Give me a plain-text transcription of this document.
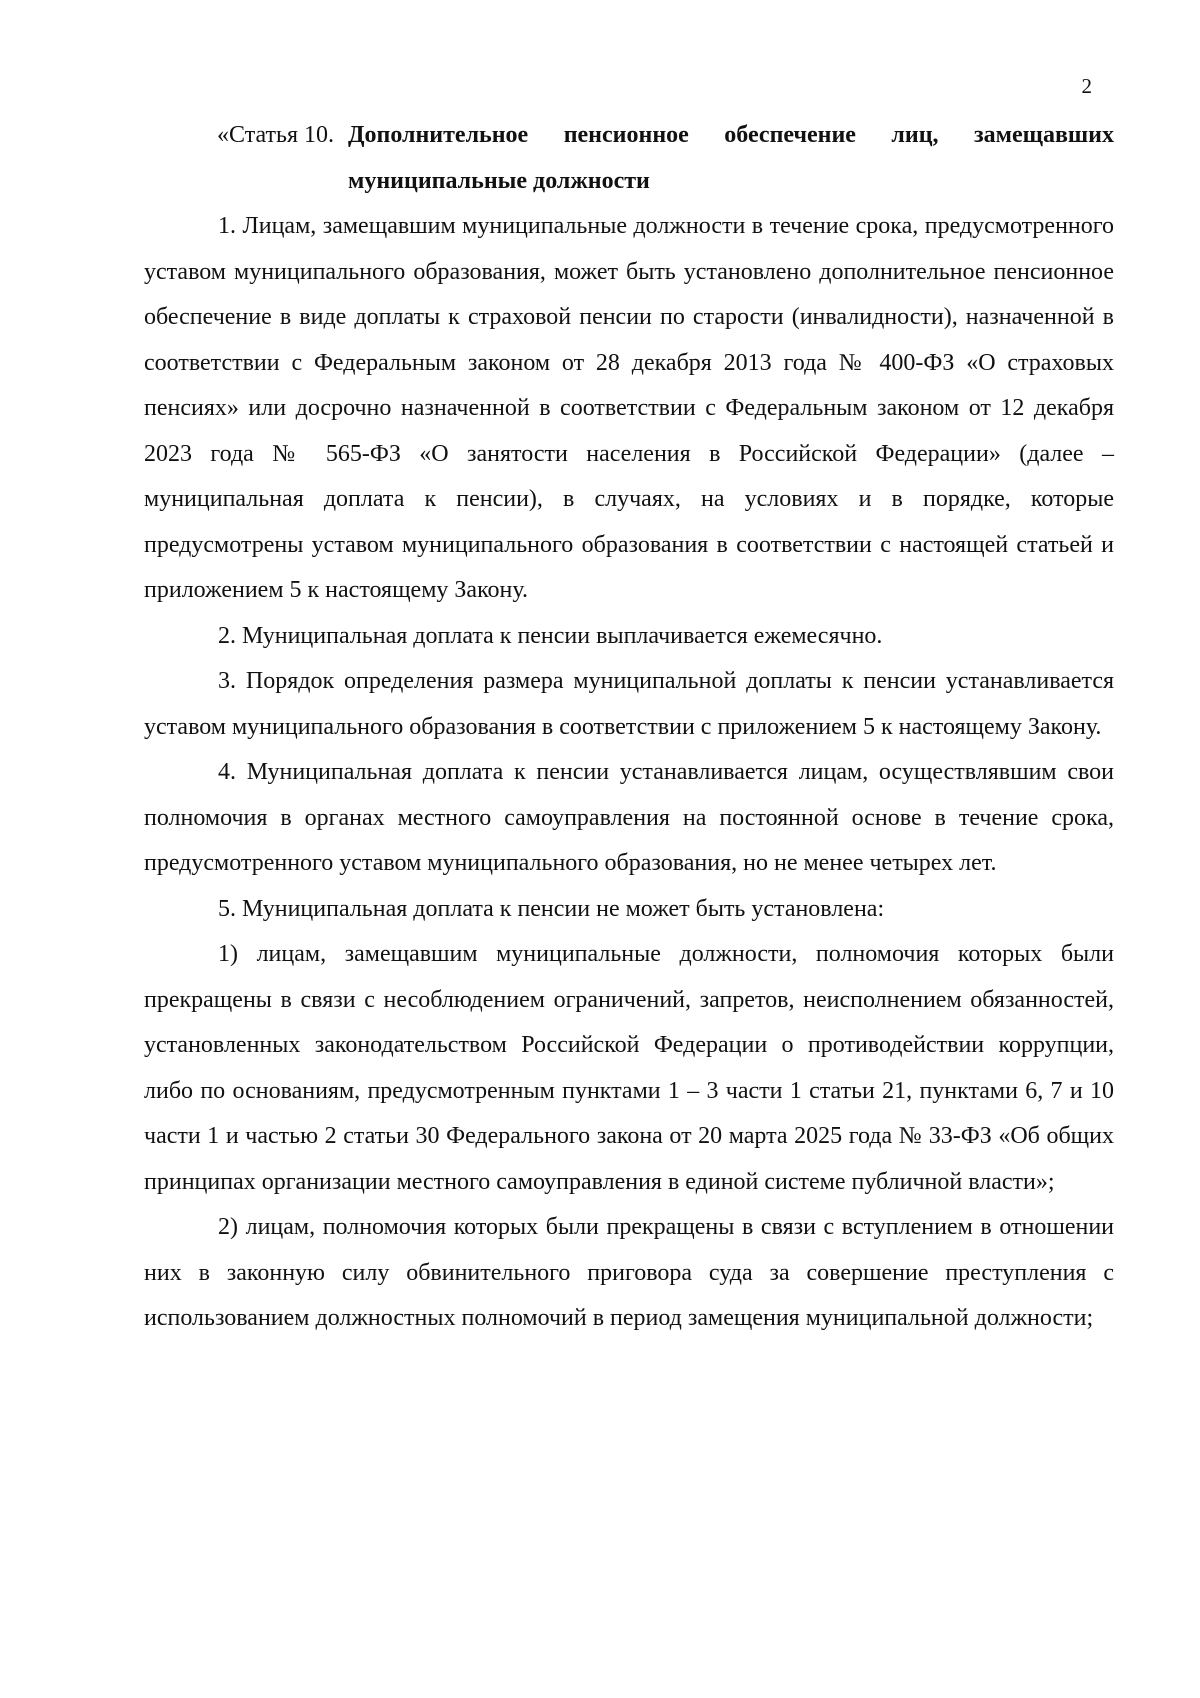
2
«Статья 10. Дополнительное пенсионное обеспечение лиц, замещавших муниципальные должности

1. Лицам, замещавшим муниципальные должности в течение срока, предусмотренного уставом муниципального образования, может быть установлено дополнительное пенсионное обеспечение в виде доплаты к страховой пенсии по старости (инвалидности), назначенной в соответствии с Федеральным законом от 28 декабря 2013 года № 400-ФЗ «О страховых пенсиях» или досрочно назначенной в соответствии с Федеральным законом от 12 декабря 2023 года № 565-ФЗ «О занятости населения в Российской Федерации» (далее – муниципальная доплата к пенсии), в случаях, на условиях и в порядке, которые предусмотрены уставом муниципального образования в соответствии с настоящей статьей и приложением 5 к настоящему Закону.

2. Муниципальная доплата к пенсии выплачивается ежемесячно.

3. Порядок определения размера муниципальной доплаты к пенсии устанавливается уставом муниципального образования в соответствии с приложением 5 к настоящему Закону.

4. Муниципальная доплата к пенсии устанавливается лицам, осуществлявшим свои полномочия в органах местного самоуправления на постоянной основе в течение срока, предусмотренного уставом муниципального образования, но не менее четырех лет.

5. Муниципальная доплата к пенсии не может быть установлена:

1) лицам, замещавшим муниципальные должности, полномочия которых были прекращены в связи с несоблюдением ограничений, запретов, неисполнением обязанностей, установленных законодательством Российской Федерации о противодействии коррупции, либо по основаниям, предусмотренным пунктами 1 – 3 части 1 статьи 21, пунктами 6, 7 и 10 части 1 и частью 2 статьи 30 Федерального закона от 20 марта 2025 года № 33-ФЗ «Об общих принципах организации местного самоуправления в единой системе публичной власти»;

2) лицам, полномочия которых были прекращены в связи с вступлением в отношении них в законную силу обвинительного приговора суда за совершение преступления с использованием должностных полномочий в период замещения муниципальной должности;
